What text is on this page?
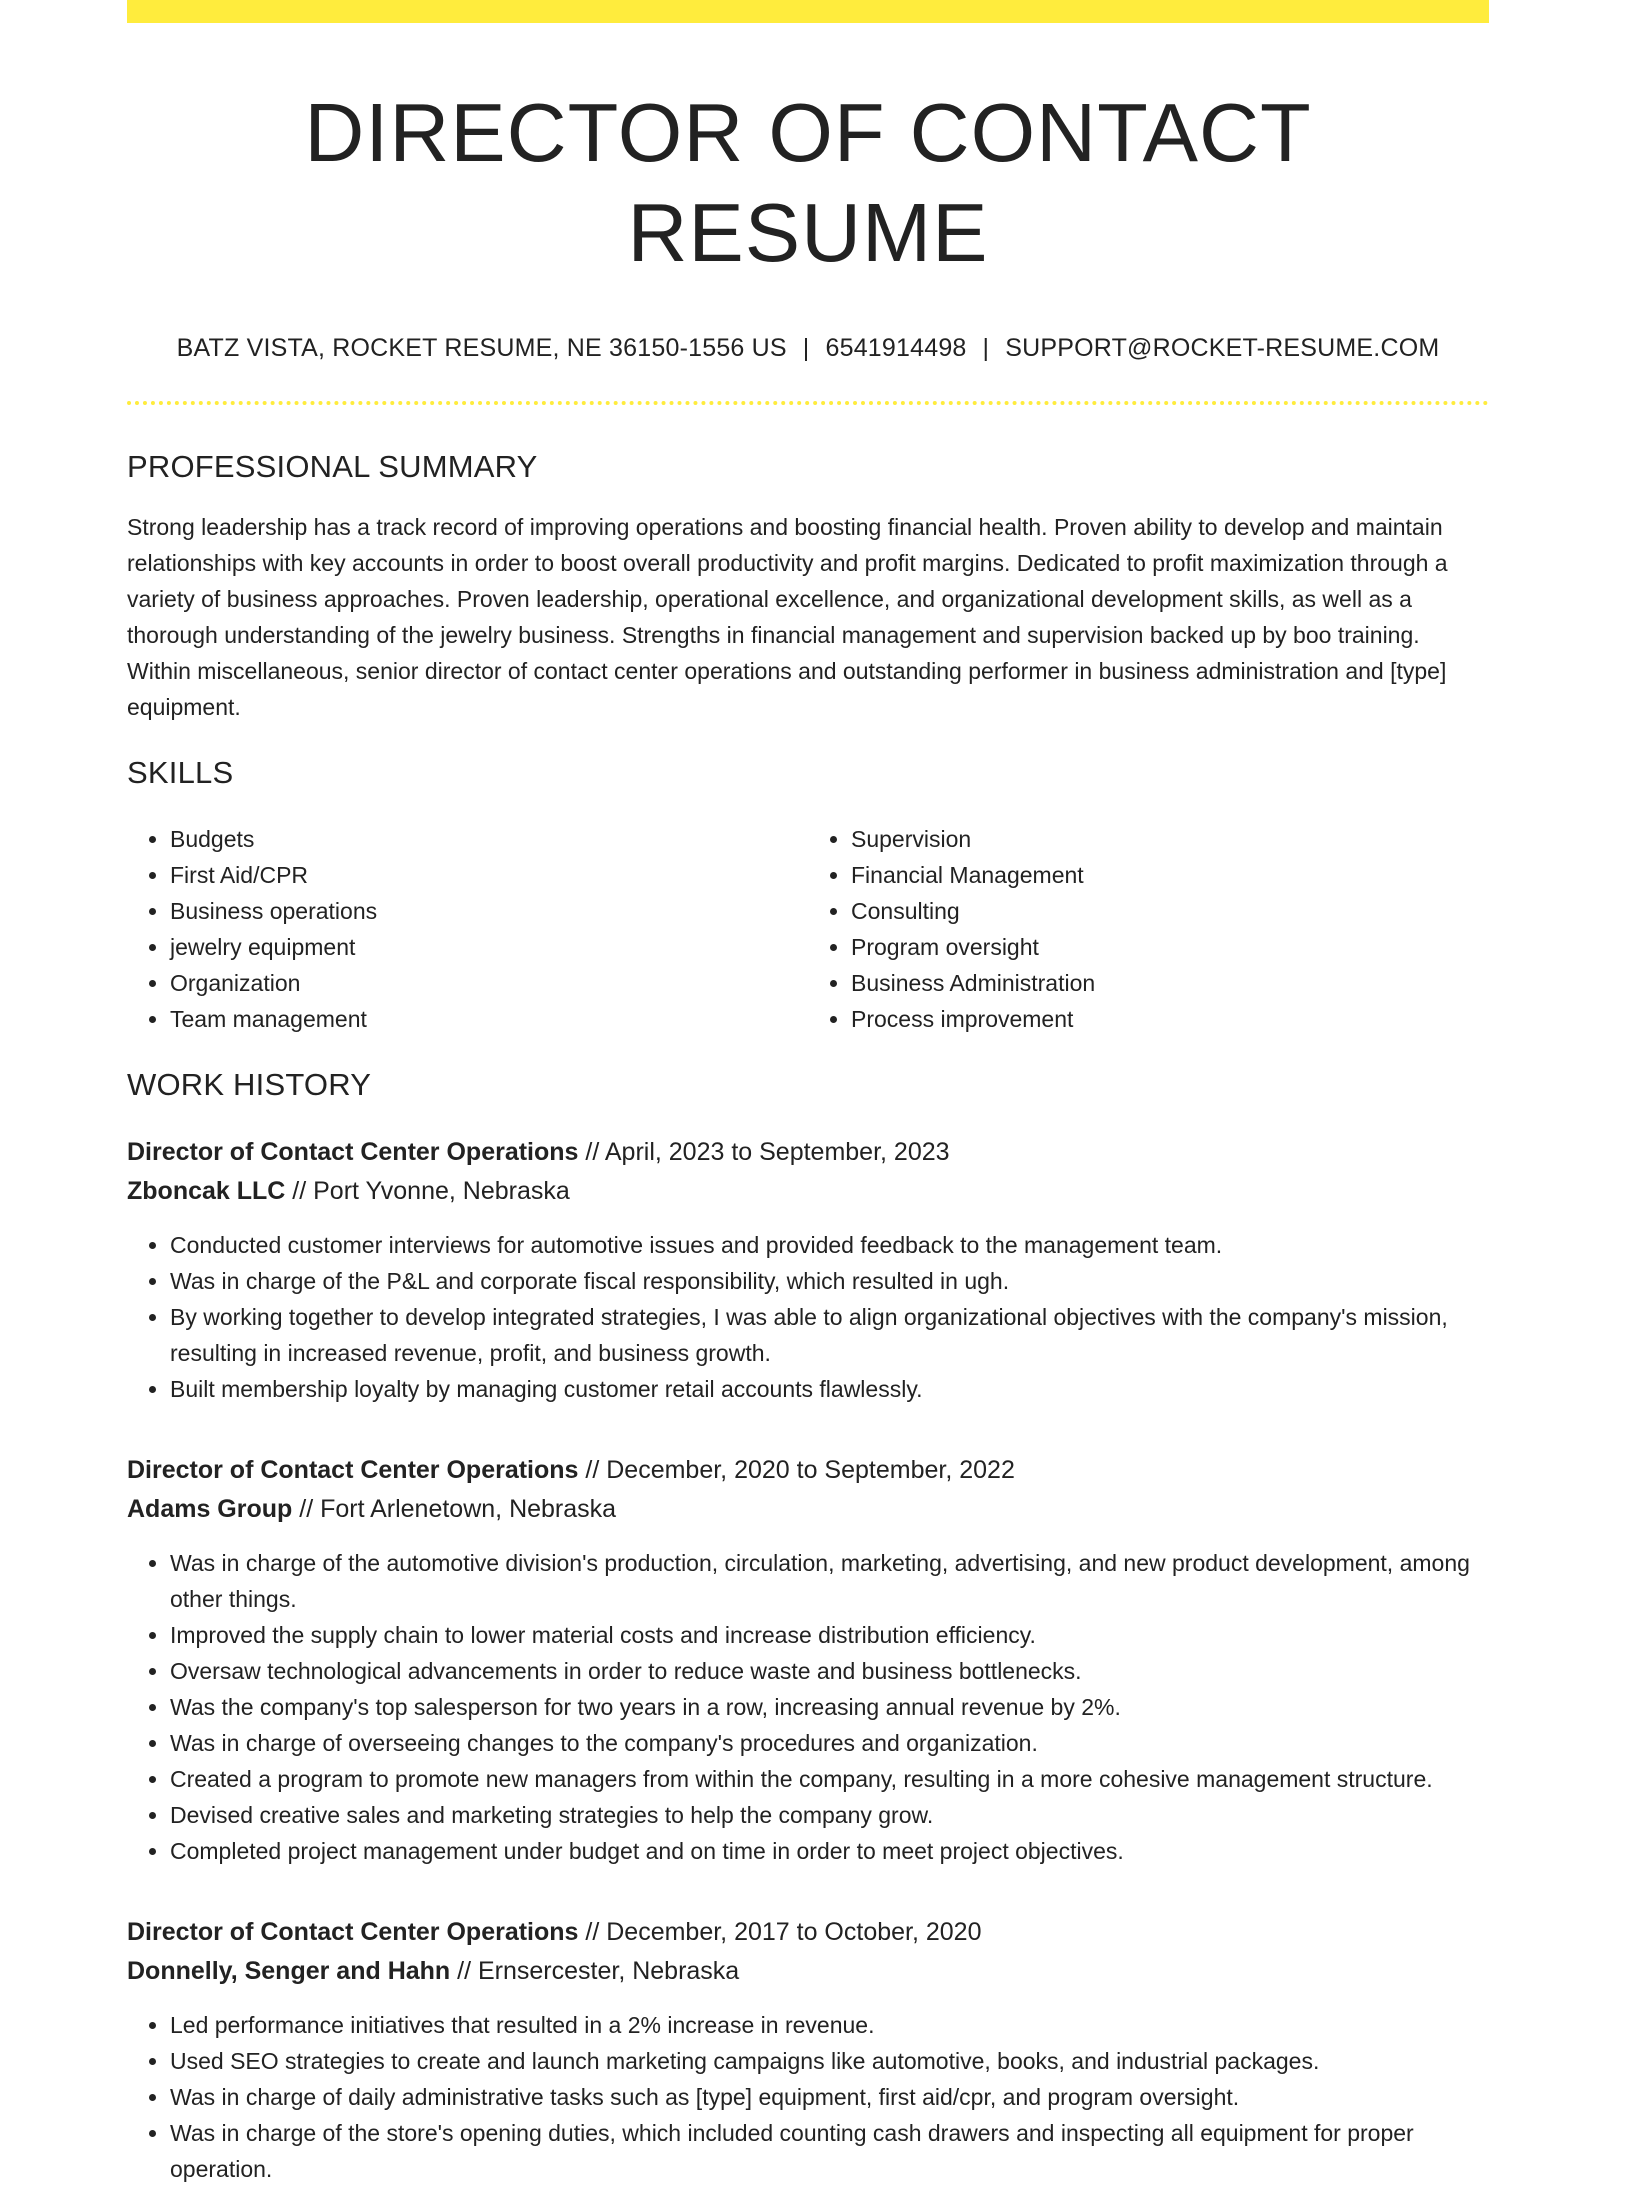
DIRECTOR OF CONTACT RESUME
BATZ VISTA, ROCKET RESUME, NE 36150-1556 US | 6541914498 | SUPPORT@ROCKET-RESUME.COM
PROFESSIONAL SUMMARY

Strong leadership has a track record of improving operations and boosting financial health. Proven ability to develop and maintain relationships with key accounts in order to boost overall productivity and profit margins. Dedicated to profit maximization through a variety of business approaches. Proven leadership, operational excellence, and organizational development skills, as well as a thorough understanding of the jewelry business. Strengths in financial management and supervision backed up by boo training. Within miscellaneous, senior director of contact center operations and outstanding performer in business administration and [type] equipment.

SKILLS
• Budgets
• First Aid/CPR
• Business operations
• jewelry equipment
• Organization
• Team management
• Supervision
• Financial Management
• Consulting
• Program oversight
• Business Administration
• Process improvement
WORK HISTORY
Director of Contact Center Operations // April, 2023 to September, 2023
Zboncak LLC // Port Yvonne, Nebraska
• Conducted customer interviews for automotive issues and provided feedback to the management team.
• Was in charge of the P&L and corporate fiscal responsibility, which resulted in ugh.
• By working together to develop integrated strategies, I was able to align organizational objectives with the company's mission, resulting in increased revenue, profit, and business growth.
• Built membership loyalty by managing customer retail accounts flawlessly.
Director of Contact Center Operations // December, 2020 to September, 2022
Adams Group // Fort Arlenetown, Nebraska
• Was in charge of the automotive division's production, circulation, marketing, advertising, and new product development, among other things.
• Improved the supply chain to lower material costs and increase distribution efficiency.
• Oversaw technological advancements in order to reduce waste and business bottlenecks.
• Was the company's top salesperson for two years in a row, increasing annual revenue by 2%.
• Was in charge of overseeing changes to the company's procedures and organization.
• Created a program to promote new managers from within the company, resulting in a more cohesive management structure.
• Devised creative sales and marketing strategies to help the company grow.
• Completed project management under budget and on time in order to meet project objectives.
Director of Contact Center Operations // December, 2017 to October, 2020
Donnelly, Senger and Hahn // Ernsercester, Nebraska
• Led performance initiatives that resulted in a 2% increase in revenue.
• Used SEO strategies to create and launch marketing campaigns like automotive, books, and industrial packages.
• Was in charge of daily administrative tasks such as [type] equipment, first aid/cpr, and program oversight.
• Was in charge of the store's opening duties, which included counting cash drawers and inspecting all equipment for proper operation.
